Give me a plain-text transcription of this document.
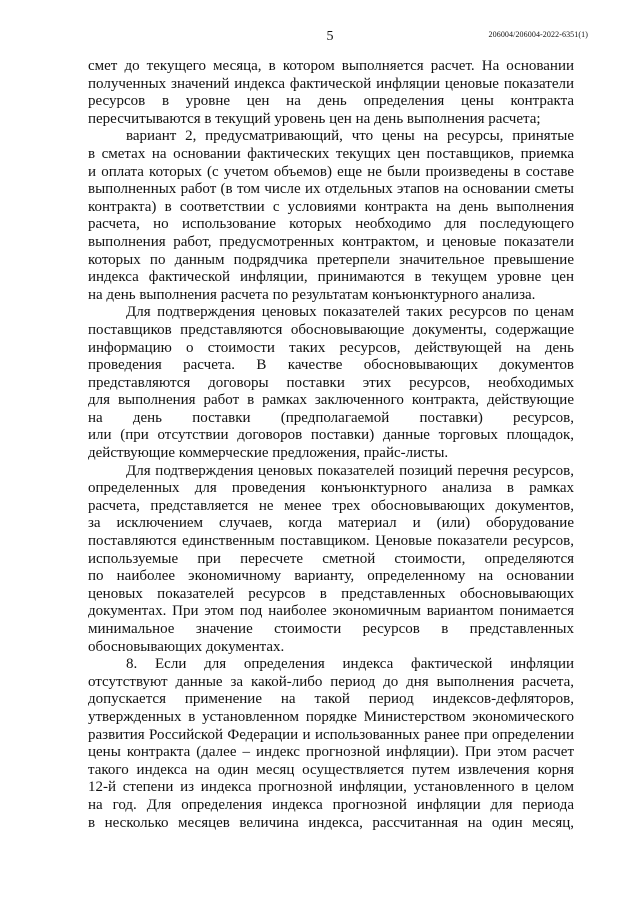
5	206004/206004-2022-6351(1)
смет до текущего месяца, в котором выполняется расчет. На основании
полученных значений индекса фактической инфляции ценовые показатели
ресурсов в уровне цен на день определения цены контракта
пересчитываются в текущий уровень цен на день выполнения расчета;
вариант 2, предусматривающий, что цены на ресурсы, принятые
в сметах на основании фактических текущих цен поставщиков, приемка
и оплата которых (с учетом объемов) еще не были произведены в составе
выполненных работ (в том числе их отдельных этапов на основании сметы
контракта) в соответствии с условиями контракта на день выполнения
расчета, но использование которых необходимо для последующего
выполнения работ, предусмотренных контрактом, и ценовые показатели
которых по данным подрядчика претерпели значительное превышение
индекса фактической инфляции, принимаются в текущем уровне цен
на день выполнения расчета по результатам конъюнктурного анализа.
Для подтверждения ценовых показателей таких ресурсов по ценам
поставщиков представляются обосновывающие документы, содержащие
информацию о стоимости таких ресурсов, действующей на день
проведения расчета. В качестве обосновывающих документов
представляются договоры поставки этих ресурсов, необходимых
для выполнения работ в рамках заключенного контракта, действующие
на день поставки (предполагаемой поставки) ресурсов,
или (при отсутствии договоров поставки) данные торговых площадок,
действующие коммерческие предложения, прайс-листы.
Для подтверждения ценовых показателей позиций перечня ресурсов,
определенных для проведения конъюнктурного анализа в рамках
расчета, представляется не менее трех обосновывающих документов,
за исключением случаев, когда материал и (или) оборудование
поставляются единственным поставщиком. Ценовые показатели ресурсов,
используемые при пересчете сметной стоимости, определяются
по наиболее экономичному варианту, определенному на основании
ценовых показателей ресурсов в представленных обосновывающих
документах. При этом под наиболее экономичным вариантом понимается
минимальное значение стоимости ресурсов в представленных
обосновывающих документах.
8. Если для определения индекса фактической инфляции
отсутствуют данные за какой-либо период до дня выполнения расчета,
допускается применение на такой период индексов-дефляторов,
утвержденных в установленном порядке Министерством экономического
развития Российской Федерации и использованных ранее при определении
цены контракта (далее – индекс прогнозной инфляции). При этом расчет
такого индекса на один месяц осуществляется путем извлечения корня
12-й степени из индекса прогнозной инфляции, установленного в целом
на год. Для определения индекса прогнозной инфляции для периода
в несколько месяцев величина индекса, рассчитанная на один месяц,
